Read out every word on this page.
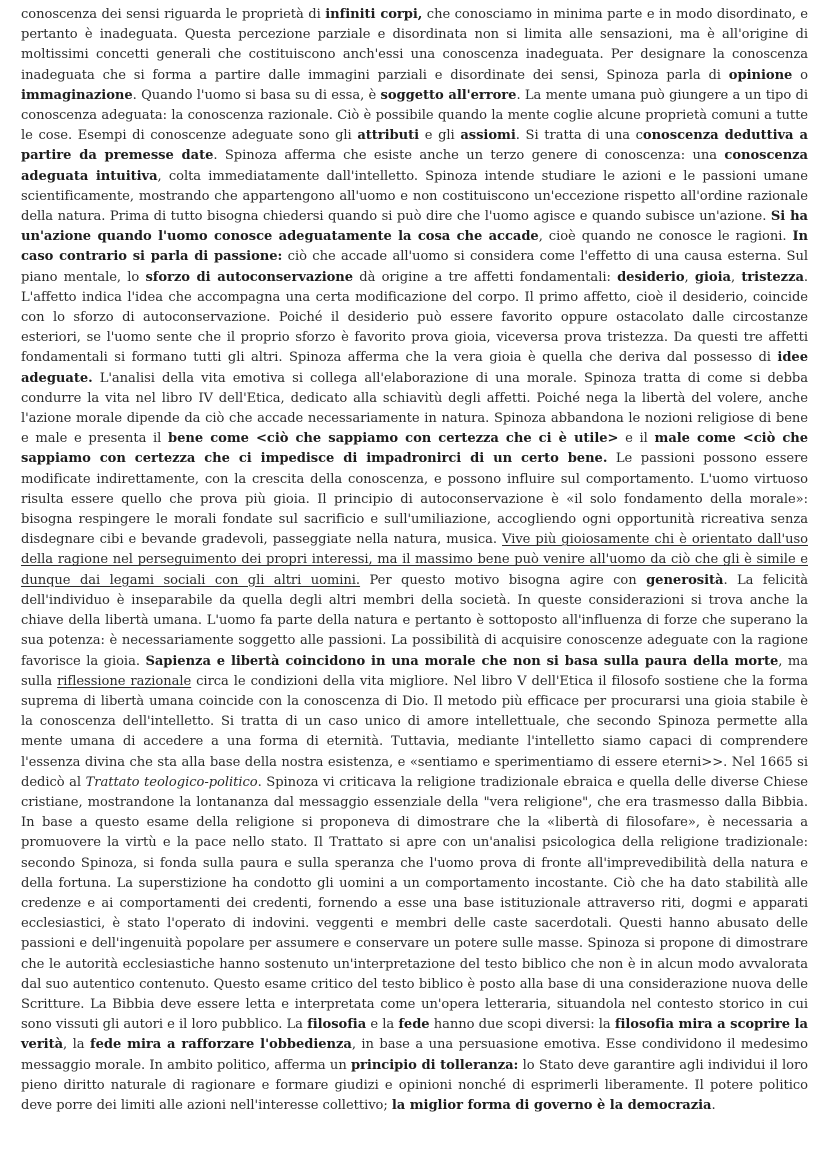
conoscenza dei sensi riguarda le proprietà di infiniti corpi, che conosciamo in minima parte e in modo disordinato, e pertanto è inadeguata. Questa percezione parziale e disordinata non si limita alle sensazioni, ma è all'origine di moltissimi concetti generali che costituiscono anch'essi una conoscenza inadeguata. Per designare la conoscenza inadeguata che si forma a partire dalle immagini parziali e disordinate dei sensi, Spinoza parla di opinione o immaginazione. Quando l'uomo si basa su di essa, è soggetto all'errore. La mente umana può giungere a un tipo di conoscenza adeguata: la conoscenza razionale. Ciò è possibile quando la mente coglie alcune proprietà comuni a tutte le cose. Esempi di conoscenze adeguate sono gli attributi e gli assiomi. Si tratta di una conoscenza deduttiva a partire da premesse date. Spinoza afferma che esiste anche un terzo genere di conoscenza: una conoscenza adeguata intuitiva, colta immediatamente dall'intelletto. Spinoza intende studiare le azioni e le passioni umane scientificamente, mostrando che appartengono all'uomo e non costituiscono un'eccezione rispetto all'ordine razionale della natura. Prima di tutto bisogna chiedersi quando si può dire che l'uomo agisce e quando subisce un'azione. Si ha un'azione quando l'uomo conosce adeguatamente la cosa che accade, cioè quando ne conosce le ragioni. In caso contrario si parla di passione: ciò che accade all'uomo si considera come l'effetto di una causa esterna. Sul piano mentale, lo sforzo di autoconservazione dà origine a tre affetti fondamentali: desiderio, gioia, tristezza. L'affetto indica l'idea che accompagna una certa modificazione del corpo. Il primo affetto, cioè il desiderio, coincide con lo sforzo di autoconservazione. Poiché il desiderio può essere favorito oppure ostacolato dalle circostanze esteriori, se l'uomo sente che il proprio sforzo è favorito prova gioia, viceversa prova tristezza. Da questi tre affetti fondamentali si formano tutti gli altri. Spinoza afferma che la vera gioia è quella che deriva dal possesso di idee adeguate. L'analisi della vita emotiva si collega all'elaborazione di una morale. Spinoza tratta di come si debba condurre la vita nel libro IV dell'Etica, dedicato alla schiavitù degli affetti. Poiché nega la libertà del volere, anche l'azione morale dipende da ciò che accade necessariamente in natura. Spinoza abbandona le nozioni religiose di bene e male e presenta il bene come <ciò che sappiamo con certezza che ci è utile> e il male come <ciò che sappiamo con certezza che ci impedisce di impadronirci di un certo bene. Le passioni possono essere modificate indirettamente, con la crescita della conoscenza, e possono influire sul comportamento. L'uomo virtuoso risulta essere quello che prova più gioia. Il principio di autoconservazione è «il solo fondamento della morale»: bisogna respingere le morali fondate sul sacrificio e sull'umiliazione, accogliendo ogni opportunità ricreativa senza disdegnare cibi e bevande gradevoli, passeggiate nella natura, musica. Vive più gioiosamente chi è orientato dall'uso della ragione nel perseguimento dei propri interessi, ma il massimo bene può venire all'uomo da ciò che gli è simile e dunque dai legami sociali con gli altri uomini. Per questo motivo bisogna agire con generosità. La felicità dell'individuo è inseparabile da quella degli altri membri della società. In queste considerazioni si trova anche la chiave della libertà umana. L'uomo fa parte della natura e pertanto è sottoposto all'influenza di forze che superano la sua potenza: è necessariamente soggetto alle passioni. La possibilità di acquisire conoscenze adeguate con la ragione favorisce la gioia. Sapienza e libertà coincidono in una morale che non si basa sulla paura della morte, ma sulla riflessione razionale circa le condizioni della vita migliore. Nel libro V dell'Etica il filosofo sostiene che la forma suprema di libertà umana coincide con la conoscenza di Dio. Il metodo più efficace per procurarsi una gioia stabile è la conoscenza dell'intelletto. Si tratta di un caso unico di amore intellettuale, che secondo Spinoza permette alla mente umana di accedere a una forma di eternità. Tuttavia, mediante l'intelletto siamo capaci di comprendere l'essenza divina che sta alla base della nostra esistenza, e «sentiamo e sperimentiamo di essere eterni>>. Nel 1665 si dedicò al Trattato teologico-politico. Spinoza vi criticava la religione tradizionale ebraica e quella delle diverse Chiese cristiane, mostrandone la lontananza dal messaggio essenziale della "vera religione", che era trasmesso dalla Bibbia. In base a questo esame della religione si proponeva di dimostrare che la «libertà di filosofare», è necessaria a promuovere la virtù e la pace nello stato. Il Trattato si apre con un'analisi psicologica della religione tradizionale: secondo Spinoza, si fonda sulla paura e sulla speranza che l'uomo prova di fronte all'imprevedibilità della natura e della fortuna. La superstizione ha condotto gli uomini a un comportamento incostante. Ciò che ha dato stabilità alle credenze e ai comportamenti dei credenti, fornendo a esse una base istituzionale attraverso riti, dogmi e apparati ecclesiastici, è stato l'operato di indovini. veggenti e membri delle caste sacerdotali. Questi hanno abusato delle passioni e dell'ingenuità popolare per assumere e conservare un potere sulle masse. Spinoza si propone di dimostrare che le autorità ecclesiastiche hanno sostenuto un'interpretazione del testo biblico che non è in alcun modo avvalorata dal suo autentico contenuto. Questo esame critico del testo biblico è posto alla base di una considerazione nuova delle Scritture. La Bibbia deve essere letta e interpretata come un'opera letteraria, situandola nel contesto storico in cui sono vissuti gli autori e il loro pubblico. La filosofia e la fede hanno due scopi diversi: la filosofia mira a scoprire la verità, la fede mira a rafforzare l'obbedienza, in base a una persuasione emotiva. Esse condividono il medesimo messaggio morale. In ambito politico, afferma un principio di tolleranza: lo Stato deve garantire agli individui il loro pieno diritto naturale di ragionare e formare giudizi e opinioni nonché di esprimerli liberamente. Il potere politico deve porre dei limiti alle azioni nell'interesse collettivo; la miglior forma di governo è la democrazia.
